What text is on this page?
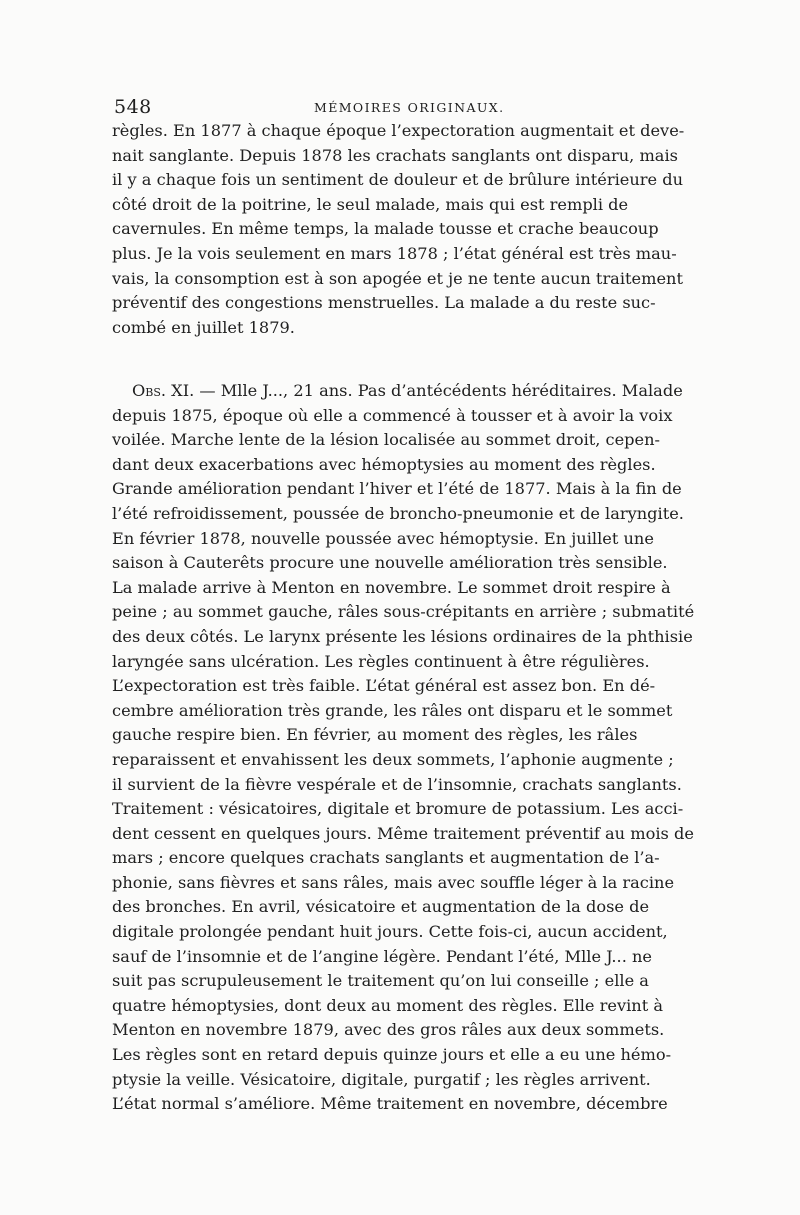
548	MÉMOIRES ORIGINAUX.
règles. En 1877 à chaque époque l’expectoration augmentait et deve-
nait sanglante. Depuis 1878 les crachats sanglants ont disparu, mais
il y a chaque fois un sentiment de douleur et de brûlure intérieure du
côté droit de la poitrine, le seul malade, mais qui est rempli de
cavernules. En même temps, la malade tousse et crache beaucoup
plus. Je la vois seulement en mars 1878 ; l’état général est très mau-
vais, la consomption est à son apogée et je ne tente aucun traitement
préventif des congestions menstruelles. La malade a du reste suc-
combé en juillet 1879.
Obs. XI. — Mlle J..., 21 ans. Pas d’antécédents héréditaires. Malade
depuis 1875, époque où elle a commencé à tousser et à avoir la voix
voilée. Marche lente de la lésion localisée au sommet droit, cepen-
dant deux exacerbations avec hémoptysies au moment des règles.
Grande amélioration pendant l’hiver et l’été de 1877. Mais à la fin de
l’été refroidissement, poussée de broncho-pneumonie et de laryngite.
En février 1878, nouvelle poussée avec hémoptysie. En juillet une
saison à Cauterêts procure une nouvelle amélioration très sensible.
La malade arrive à Menton en novembre. Le sommet droit respire à
peine ; au sommet gauche, râles sous-crépitants en arrière ; submatité
des deux côtés. Le larynx présente les lésions ordinaires de la phthisie
laryngée sans ulcération. Les règles continuent à être régulières.
L’expectoration est très faible. L’état général est assez bon. En dé-
cembre amélioration très grande, les râles ont disparu et le sommet
gauche respire bien. En février, au moment des règles, les râles
reparaissent et envahissent les deux sommets, l’aphonie augmente ;
il survient de la fièvre vespérale et de l’insomnie, crachats sanglants.
Traitement : vésicatoires, digitale et bromure de potassium. Les acci-
dent cessent en quelques jours. Même traitement préventif au mois de
mars ; encore quelques crachats sanglants et augmentation de l’a-
phonie, sans fièvres et sans râles, mais avec souffle léger à la racine
des bronches. En avril, vésicatoire et augmentation de la dose de
digitale prolongée pendant huit jours. Cette fois-ci, aucun accident,
sauf de l’insomnie et de l’angine légère. Pendant l’été, Mlle J... ne
suit pas scrupuleusement le traitement qu’on lui conseille ; elle a
quatre hémoptysies, dont deux au moment des règles. Elle revint à
Menton en novembre 1879, avec des gros râles aux deux sommets.
Les règles sont en retard depuis quinze jours et elle a eu une hémo-
ptysie la veille. Vésicatoire, digitale, purgatif ; les règles arrivent.
L’état normal s’améliore. Même traitement en novembre, décembre
